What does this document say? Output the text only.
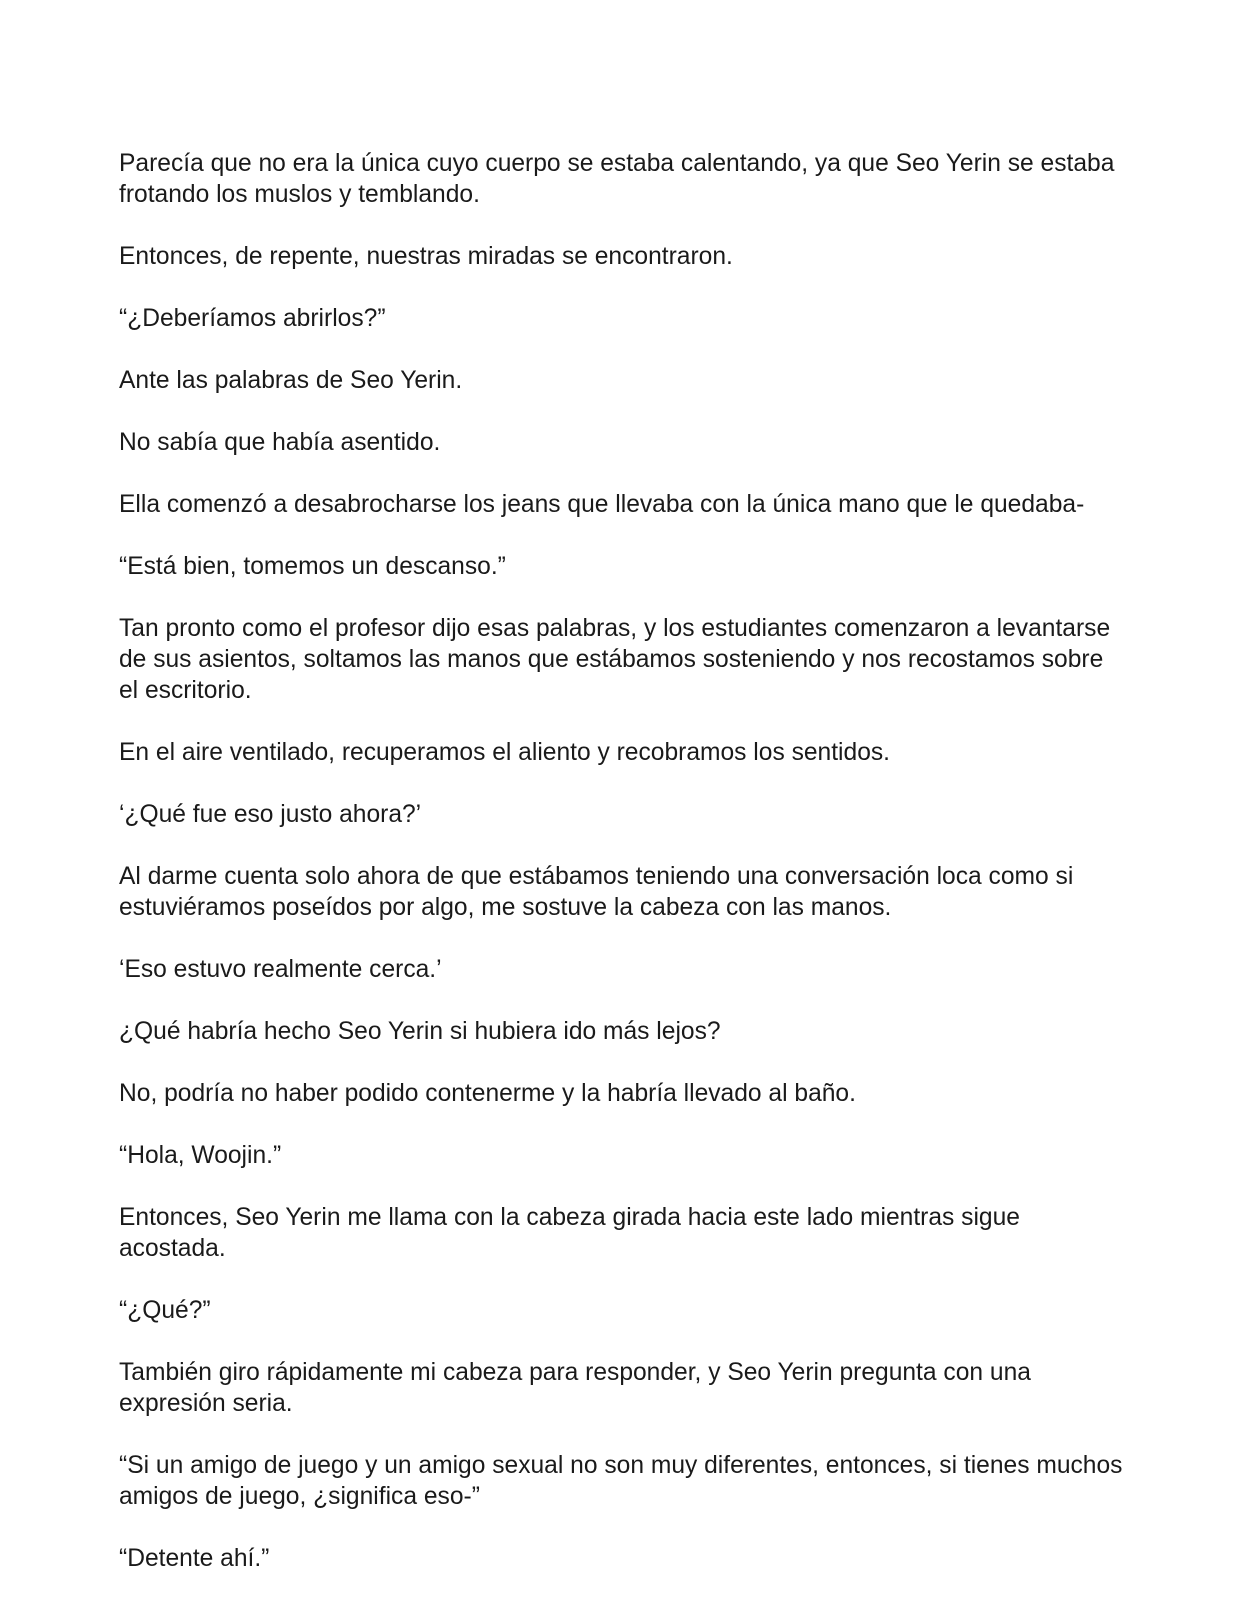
Parecía que no era la única cuyo cuerpo se estaba calentando, ya que Seo Yerin se estaba frotando los muslos y temblando.

Entonces, de repente, nuestras miradas se encontraron.

“¿Deberíamos abrirlos?”

Ante las palabras de Seo Yerin.

No sabía que había asentido.

Ella comenzó a desabrocharse los jeans que llevaba con la única mano que le quedaba-

“Está bien, tomemos un descanso.”

Tan pronto como el profesor dijo esas palabras, y los estudiantes comenzaron a levantarse de sus asientos, soltamos las manos que estábamos sosteniendo y nos recostamos sobre el escritorio.

En el aire ventilado, recuperamos el aliento y recobramos los sentidos.

‘¿Qué fue eso justo ahora?’

Al darme cuenta solo ahora de que estábamos teniendo una conversación loca como si estuviéramos poseídos por algo, me sostuve la cabeza con las manos.

‘Eso estuvo realmente cerca.’

¿Qué habría hecho Seo Yerin si hubiera ido más lejos?

No, podría no haber podido contenerme y la habría llevado al baño.

“Hola, Woojin.”

Entonces, Seo Yerin me llama con la cabeza girada hacia este lado mientras sigue acostada.

“¿Qué?”

También giro rápidamente mi cabeza para responder, y Seo Yerin pregunta con una expresión seria.

“Si un amigo de juego y un amigo sexual no son muy diferentes, entonces, si tienes muchos amigos de juego, ¿significa eso-”

“Detente ahí.”
